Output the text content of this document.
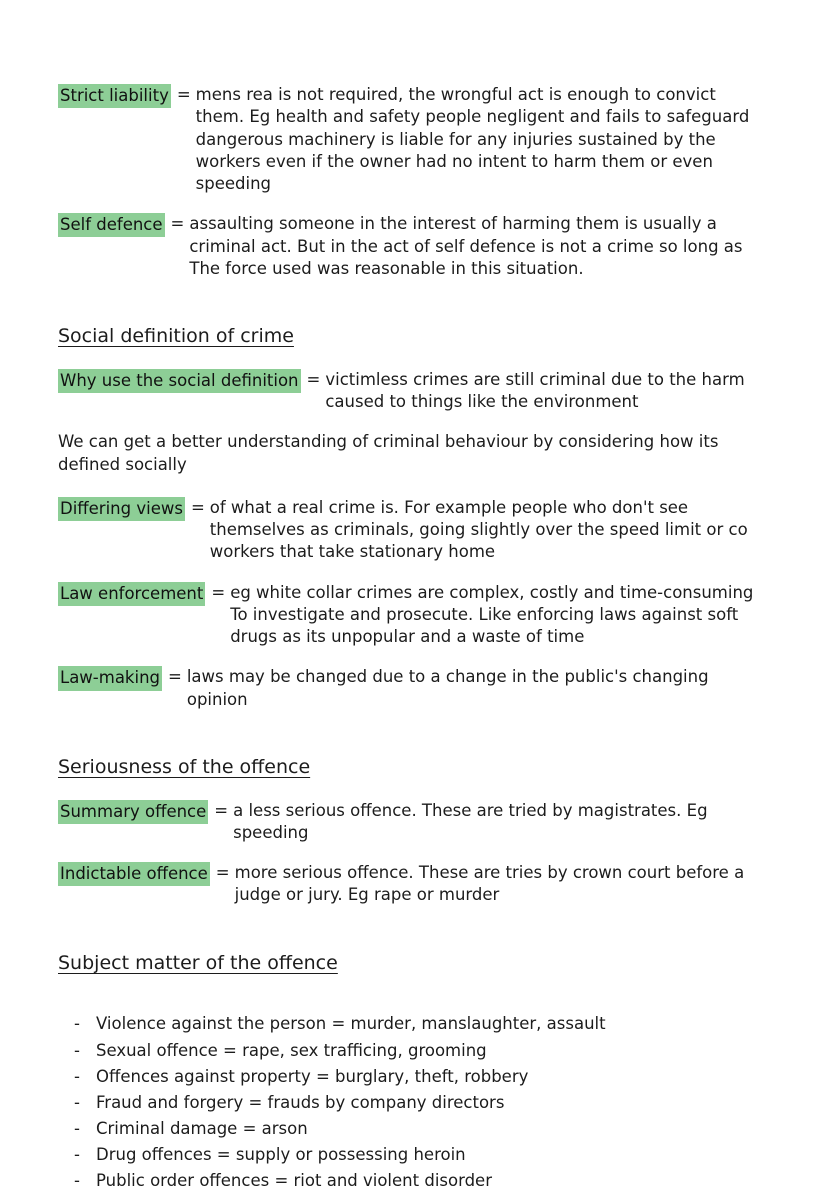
Strict liability = mens rea is not required, the wrongful act is enough to convict them. Eg health and safety people negligent and fails to safeguard dangerous machinery is liable for any injuries sustained by the workers even if the owner had no intent to harm them or even speeding
Self defence = assaulting someone in the interest of harming them is usually a criminal act. But in the act of self defence is not a crime so long as The force used was reasonable in this situation.
Social definition of crime
Why use the social definition = victimless crimes are still criminal due to the harm caused to things like the environment
We can get a better understanding of criminal behaviour by considering how its defined socially
Differing views = of what a real crime is. For example people who don't see themselves as criminals, going slightly over the speed limit or co workers that take stationary home
Law enforcement = eg white collar crimes are complex, costly and time-consuming To investigate and prosecute. Like enforcing laws against soft drugs as its unpopular and a waste of time
Law-making = laws may be changed due to a change in the public's changing opinion
Seriousness of the offence
Summary offence = a less serious offence. These are tried by magistrates. Eg speeding
Indictable offence = more serious offence. These are tries by crown court before a judge or jury. Eg rape or murder
Subject matter of the offence
- Violence against the person = murder, manslaughter, assault
- Sexual offence = rape, sex trafficing, grooming
- Offences against property = burglary, theft, robbery
- Fraud and forgery = frauds by company directors
- Criminal damage = arson
- Drug offences = supply or possessing heroin
- Public order offences = riot and violent disorder
